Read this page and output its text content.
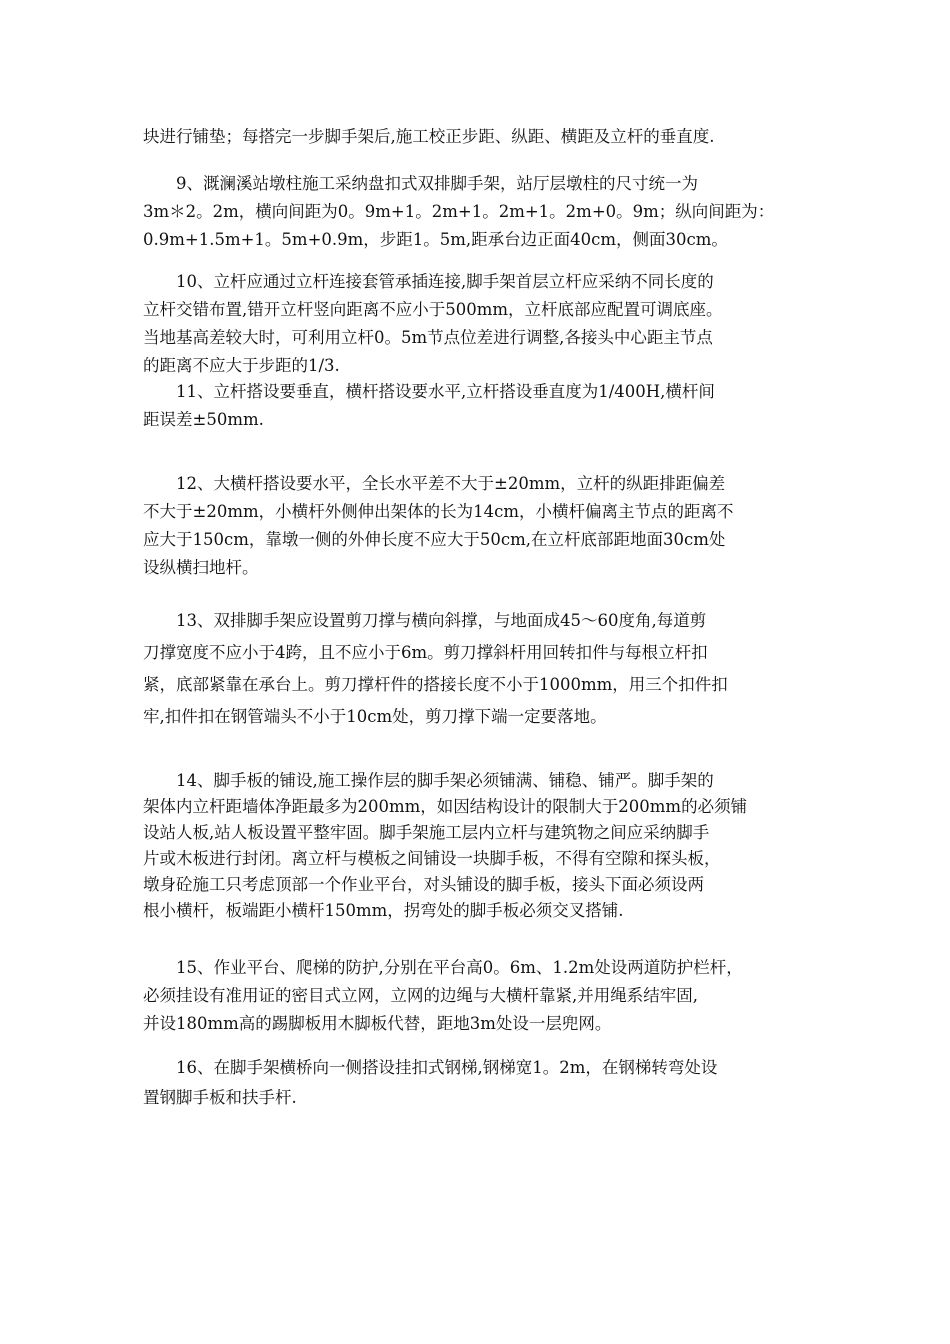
块进行铺垫；每搭完一步脚手架后,施工校正步距、纵距、横距及立杆的垂直度.

　　9、溉澜溪站墩柱施工采纳盘扣式双排脚手架，站厅层墩柱的尺寸统一为
3m＊2。2m，横向间距为0。9m+1。2m+1。2m+1。2m+0。9m；纵向间距为：
0.9m+1.5m+1。5m+0.9m，步距1。5m,距承台边正面40cm，侧面30cm。

　　10、立杆应通过立杆连接套管承插连接,脚手架首层立杆应采纳不同长度的
立杆交错布置,错开立杆竖向距离不应小于500mm，立杆底部应配置可调底座。
当地基高差较大时，可利用立杆0。5m节点位差进行调整,各接头中心距主节点
的距离不应大于步距的1/3.

　　11、立杆搭设要垂直，横杆搭设要水平,立杆搭设垂直度为1/400H,横杆间
距误差±50mm.

　　12、大横杆搭设要水平，全长水平差不大于±20mm，立杆的纵距排距偏差
不大于±20mm，小横杆外侧伸出架体的长为14cm，小横杆偏离主节点的距离不
应大于150cm，靠墩一侧的外伸长度不应大于50cm,在立杆底部距地面30cm处
设纵横扫地杆。

　　13、双排脚手架应设置剪刀撑与横向斜撑，与地面成45～60度角,每道剪
刀撑宽度不应小于4跨，且不应小于6m。剪刀撑斜杆用回转扣件与每根立杆扣
紧，底部紧靠在承台上。剪刀撑杆件的搭接长度不小于1000mm，用三个扣件扣
牢,扣件扣在钢管端头不小于10cm处，剪刀撑下端一定要落地。

　　14、脚手板的铺设,施工操作层的脚手架必须铺满、铺稳、铺严。脚手架的
架体内立杆距墙体净距最多为200mm，如因结构设计的限制大于200mm的必须铺
设站人板,站人板设置平整牢固。脚手架施工层内立杆与建筑物之间应采纳脚手
片或木板进行封闭。离立杆与模板之间铺设一块脚手板，不得有空隙和探头板，
墩身砼施工只考虑顶部一个作业平台，对头铺设的脚手板，接头下面必须设两
根小横杆，板端距小横杆150mm，拐弯处的脚手板必须交叉搭铺.

　　15、作业平台、爬梯的防护,分别在平台高0。6m、1.2m处设两道防护栏杆，
必须挂设有准用证的密目式立网，立网的边绳与大横杆靠紧,并用绳系结牢固,
并设180mm高的踢脚板用木脚板代替，距地3m处设一层兜网。

　　16、在脚手架横桥向一侧搭设挂扣式钢梯,钢梯宽1。2m，在钢梯转弯处设
置钢脚手板和扶手杆.
